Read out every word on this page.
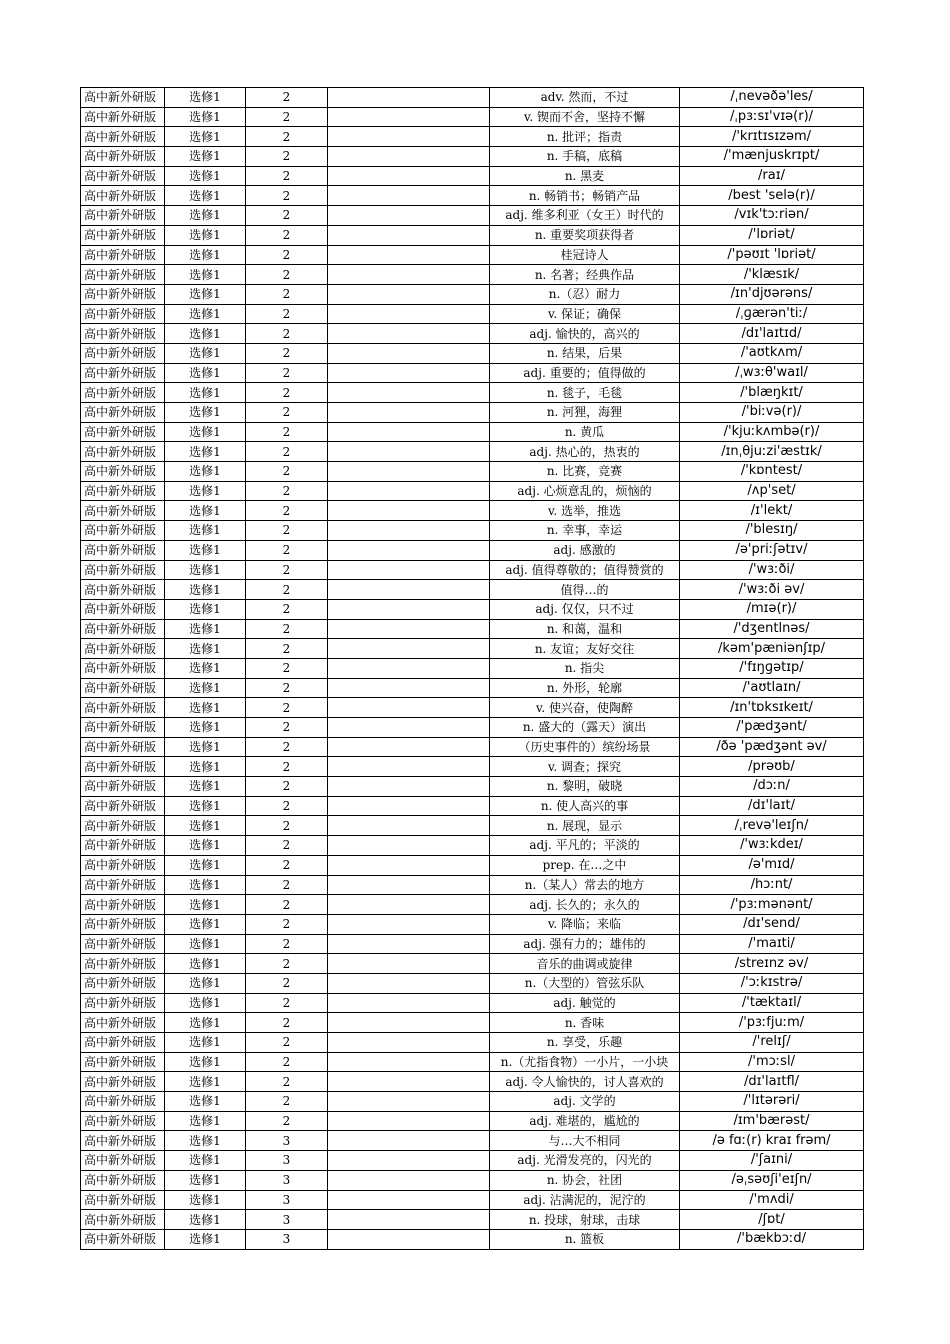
高中新外研版	选修1	2		adv. 然而，不过	/ˌnevəðə'les/
高中新外研版	选修1	2		v. 锲而不舍，坚持不懈	/ˌpɜːsɪ'vɪə(r)/
高中新外研版	选修1	2		n. 批评；指责	/'krɪtɪsɪzəm/
高中新外研版	选修1	2		n. 手稿，底稿	/'mænjuskrɪpt/
高中新外研版	选修1	2		n. 黑麦	/raɪ/
高中新外研版	选修1	2		n. 畅销书；畅销产品	/best 'selə(r)/
高中新外研版	选修1	2		adj. 维多利亚（女王）时代的	/vɪk'tɔːriən/
高中新外研版	选修1	2		n. 重要奖项获得者	/'lɒriət/
高中新外研版	选修1	2		桂冠诗人	/'pəʊɪt 'lɒriət/
高中新外研版	选修1	2		n. 名著；经典作品	/'klæsɪk/
高中新外研版	选修1	2		n.（忍）耐力	/ɪn'djʊərəns/
高中新外研版	选修1	2		v. 保证；确保	/ˌɡærən'tiː/
高中新外研版	选修1	2		adj. 愉快的，高兴的	/dɪ'laɪtɪd/
高中新外研版	选修1	2		n. 结果，后果	/'aʊtkʌm/
高中新外研版	选修1	2		adj. 重要的；值得做的	/ˌwɜːθ'waɪl/
高中新外研版	选修1	2		n. 毯子，毛毯	/'blæŋkɪt/
高中新外研版	选修1	2		n. 河狸，海狸	/'biːvə(r)/
高中新外研版	选修1	2		n. 黄瓜	/'kjuːkʌmbə(r)/
高中新外研版	选修1	2		adj. 热心的，热衷的	/ɪnˌθjuːzi'æstɪk/
高中新外研版	选修1	2		n. 比赛，竞赛	/'kɒntest/
高中新外研版	选修1	2		adj. 心烦意乱的，烦恼的	/ʌp'set/
高中新外研版	选修1	2		v. 选举，推选	/ɪ'lekt/
高中新外研版	选修1	2		n. 幸事，幸运	/'blesɪŋ/
高中新外研版	选修1	2		adj. 感激的	/ə'priːʃətɪv/
高中新外研版	选修1	2		adj. 值得尊敬的；值得赞赏的	/'wɜːði/
高中新外研版	选修1	2		值得…的	/'wɜːði əv/
高中新外研版	选修1	2		adj. 仅仅，只不过	/mɪə(r)/
高中新外研版	选修1	2		n. 和蔼，温和	/'dʒentlnəs/
高中新外研版	选修1	2		n. 友谊；友好交往	/kəm'pæniənʃɪp/
高中新外研版	选修1	2		n. 指尖	/'fɪŋɡətɪp/
高中新外研版	选修1	2		n. 外形，轮廓	/'aʊtlaɪn/
高中新外研版	选修1	2		v. 使兴奋，使陶醉	/ɪn'tɒksɪkeɪt/
高中新外研版	选修1	2		n. 盛大的（露天）演出	/'pædʒənt/
高中新外研版	选修1	2		（历史事件的）缤纷场景	/ðə 'pædʒənt əv/
高中新外研版	选修1	2		v. 调查；探究	/prəʊb/
高中新外研版	选修1	2		n. 黎明，破晓	/dɔːn/
高中新外研版	选修1	2		n. 使人高兴的事	/dɪ'laɪt/
高中新外研版	选修1	2		n. 展现，显示	/ˌrevə'leɪʃn/
高中新外研版	选修1	2		adj. 平凡的；平淡的	/'wɜːkdeɪ/
高中新外研版	选修1	2		prep. 在…之中	/ə'mɪd/
高中新外研版	选修1	2		n.（某人）常去的地方	/hɔːnt/
高中新外研版	选修1	2		adj. 长久的；永久的	/'pɜːmənənt/
高中新外研版	选修1	2		v. 降临；来临	/dɪ'send/
高中新外研版	选修1	2		adj. 强有力的；雄伟的	/'maɪti/
高中新外研版	选修1	2		音乐的曲调或旋律	/streɪnz əv/
高中新外研版	选修1	2		n.（大型的）管弦乐队	/'ɔːkɪstrə/
高中新外研版	选修1	2		adj. 触觉的	/'tæktaɪl/
高中新外研版	选修1	2		n. 香味	/'pɜːfjuːm/
高中新外研版	选修1	2		n. 享受，乐趣	/'relɪʃ/
高中新外研版	选修1	2		n.（尤指食物）一小片，一小块	/'mɔːsl/
高中新外研版	选修1	2		adj. 令人愉快的，讨人喜欢的	/dɪ'laɪtfl/
高中新外研版	选修1	2		adj. 文学的	/'lɪtərəri/
高中新外研版	选修1	2		adj. 难堪的，尴尬的	/ɪm'bærəst/
高中新外研版	选修1	3		与…大不相同	/ə fɑː(r) kraɪ frəm/
高中新外研版	选修1	3		adj. 光滑发亮的，闪光的	/'ʃaɪni/
高中新外研版	选修1	3		n. 协会，社团	/əˌsəʊʃi'eɪʃn/
高中新外研版	选修1	3		adj. 沾满泥的，泥泞的	/'mʌdi/
高中新外研版	选修1	3		n. 投球，射球，击球	/ʃɒt/
高中新外研版	选修1	3		n. 篮板	/'bækbɔːd/
